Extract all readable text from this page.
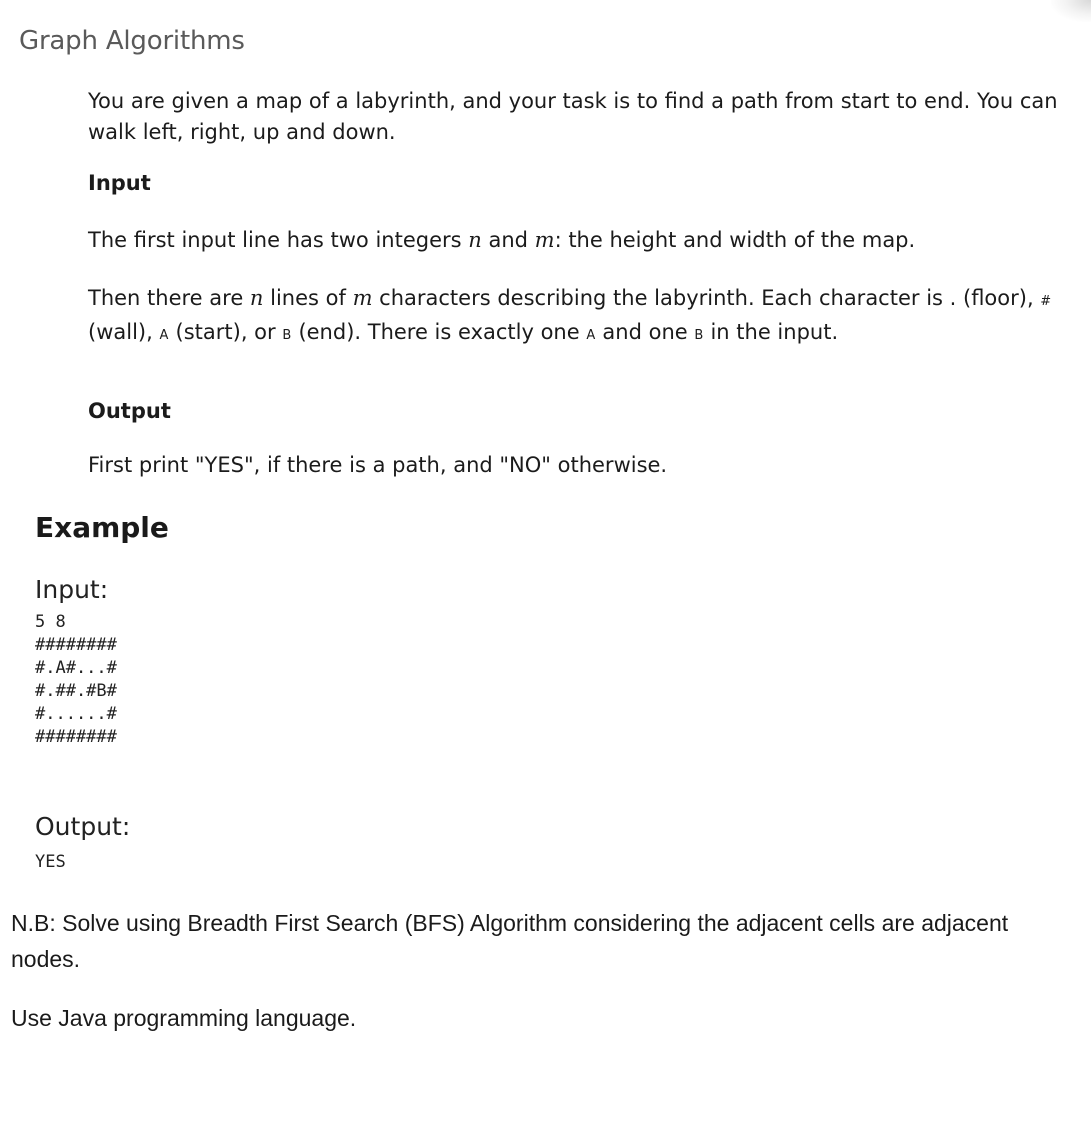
Graph Algorithms

You are given a map of a labyrinth, and your task is to find a path from start to end. You can walk left, right, up and down.

Input

The first input line has two integers n and m: the height and width of the map.

Then there are n lines of m characters describing the labyrinth. Each character is . (floor), # (wall), A (start), or B (end). There is exactly one A and one B in the input.

Output

First print "YES", if there is a path, and "NO" otherwise.

Example
Input:
5 8
########
#.A#...#
#.##.#B#
#......#
########
Output:
YES

N.B: Solve using Breadth First Search (BFS) Algorithm considering the adjacent cells are adjacent nodes.

Use Java programming language.
